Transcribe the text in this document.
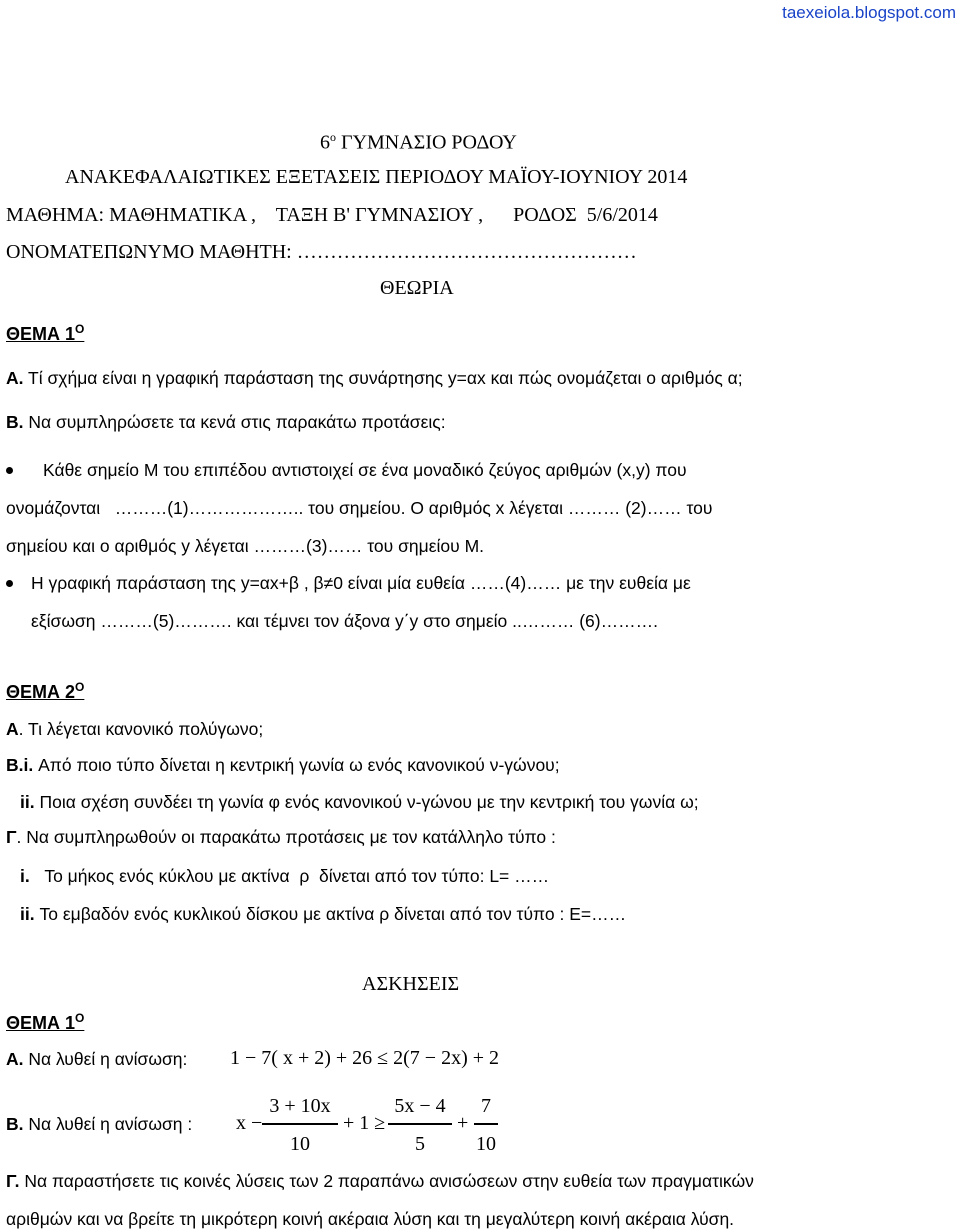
taexeiola.blogspot.com
$6^o$ ΓΥΜΝΑΣΙΟ ΡΟΔΟΥ
ΑΝΑΚΕΦΑΛΑΙΩΤΙΚΕΣ ΕΞΕΤΑΣΕΙΣ ΠΕΡΙΟΔΟΥ ΜΑΪΟΥ-ΙΟΥΝΙΟΥ 2014
ΜΑΘΗΜΑ: ΜΑΘΗΜΑΤΙΚΑ ,    ΤΑΞΗ Β' ΓΥΜΝΑΣΙΟΥ ,      ΡΟΔΟΣ  5/6/2014
ΟΝΟΜΑΤΕΠΩΝΥΜΟ ΜΑΘΗΤΗ: ……………………………………………
ΘΕΩΡΙΑ
ΘΕΜΑ $1^O$
Α. Τί σχήμα είναι η γραφική παράσταση της συνάρτησης y=αx και πώς ονομάζεται ο αριθμός α;
Β. Να συμπληρώσετε τα κενά στις παρακάτω προτάσεις:
Κάθε σημείο Μ του επιπέδου αντιστοιχεί σε ένα μοναδικό ζεύγος αριθμών (x,y) που
ονομάζονται   ………(1)……………….. του σημείου. Ο αριθμός x λέγεται ……… (2)…… του
σημείου και ο αριθμός y λέγεται ………(3)…… του σημείου Μ.
Η γραφική παράσταση της y=αx+β , β≠0 είναι μία ευθεία ……(4)…… με την ευθεία με
εξίσωση ………(5)………. και τέμνει τον άξονα y΄y στο σημείο ..……… (6)……….
ΘΕΜΑ $2^O$
Α. Τι λέγεται κανονικό πολύγωνο;
Β.i. Από ποιο τύπο δίνεται η κεντρική γωνία ω ενός κανονικού ν-γώνου;
ii. Ποια σχέση συνδέει τη γωνία φ ενός κανονικού ν-γώνου με την κεντρική του γωνία ω;
Γ. Να συμπληρωθούν οι παρακάτω προτάσεις με τον κατάλληλο τύπο :
i.   Το μήκος ενός κύκλου με ακτίνα  ρ  δίνεται από τον τύπο: L= ……
ii. Το εμβαδόν ενός κυκλικού δίσκου με ακτίνα ρ δίνεται από τον τύπο : Ε=……
ΑΣΚΗΣΕΙΣ
ΘΕΜΑ $1^O$
Α. Να λυθεί η ανίσωση: 1 − 7( x + 2) + 26 ≤ 2(7 − 2x) + 2
Β. Να λυθεί η ανίσωση : x −
3 + 10x
10
+ 1 ≥
5x − 4
5
+
7
10
Γ. Να παραστήσετε τις κοινές λύσεις των 2 παραπάνω ανισώσεων στην ευθεία των πραγματικών
αριθμών και να βρείτε τη μικρότερη κοινή ακέραια λύση και τη μεγαλύτερη κοινή ακέραια λύση.
